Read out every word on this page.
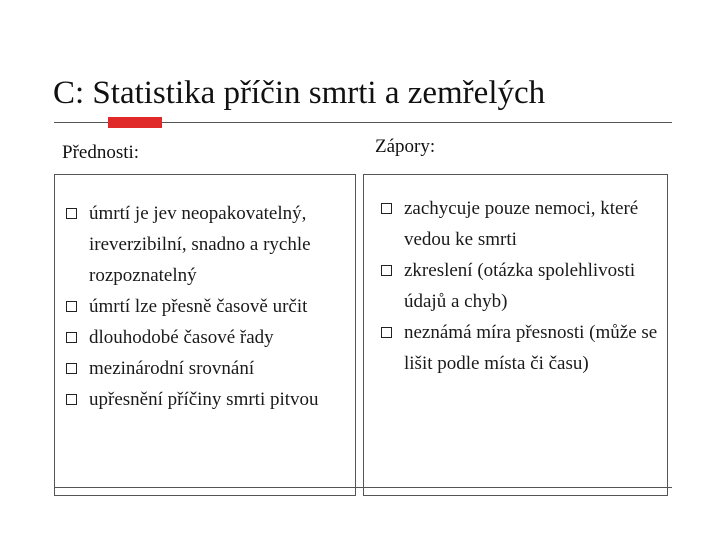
C: Statistika příčin smrti a zemřelých
Přednosti:	Zápory:
úmrtí je jev neopakovatelný, ireverzibilní, snadno a rychle rozpoznatelný
úmrtí lze přesně časově určit
dlouhodobé časové řady
mezinárodní srovnání
upřesnění příčiny smrti pitvou
zachycuje pouze nemoci, které vedou ke smrti
zkreslení (otázka spolehlivosti údajů a chyb)
neznámá míra přesnosti (může se lišit podle místa či času)
